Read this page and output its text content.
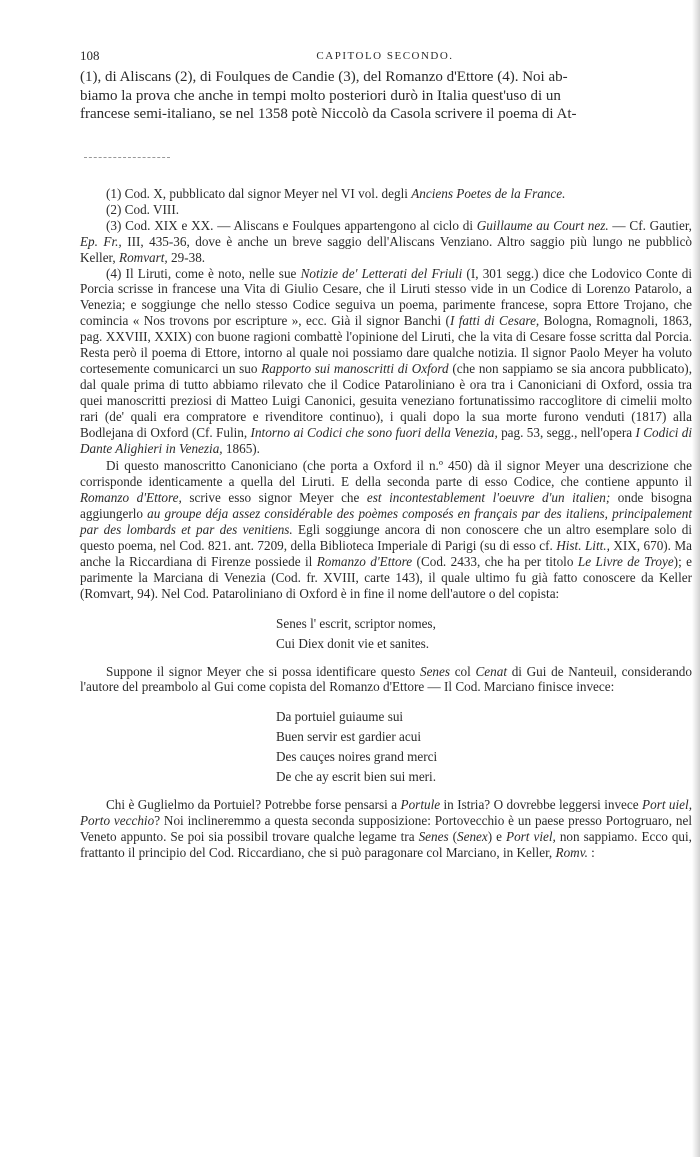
108	CAPITOLO SECONDO.

(1), di Aliscans (2), di Foulques de Candie (3), del Romanzo d'Ettore (4). Noi ab-

biamo la prova che anche in tempi molto posteriori durò in Italia quest'uso di un

francese semi-italiano, se nel 1358 potè Niccolò da Casola scrivere il poema di At-

(1) Cod. X, pubblicato dal signor Meyer nel VI vol. degli Anciens Poetes de la France.

(2) Cod. VIII.

(3) Cod. XIX e XX. — Aliscans e Foulques appartengono al ciclo di Guillaume au Court nez. — Cf. Gautier, Ep. Fr., III, 435-36, dove è anche un breve saggio dell'Aliscans Venziano. Altro saggio più lungo ne pubblicò Keller, Romvart, 29-38.

(4) Il Liruti, come è noto, nelle sue Notizie de' Letterati del Friuli (I, 301 segg.) dice che Lodovico Conte di Porcia scrisse in francese una Vita di Giulio Cesare, che il Liruti stesso vide in un Codice di Lorenzo Patarolo, a Venezia; e soggiunge che nello stesso Codice seguiva un poema, parimente francese, sopra Ettore Trojano, che comincia « Nos trovons por escripture », ecc. Già il signor Banchi (I fatti di Cesare, Bologna, Romagnoli, 1863, pag. XXVIII, XXIX) con buone ragioni combattè l'opinione del Liruti, che la vita di Cesare fosse scritta dal Porcia. Resta però il poema di Ettore, intorno al quale noi possiamo dare qualche notizia. Il signor Paolo Meyer ha voluto cortesemente comunicarci un suo Rapporto sui manoscritti di Oxford (che non sappiamo se sia ancora pubblicato), dal quale prima di tutto abbiamo rilevato che il Codice Pataroliniano è ora tra i Canoniciani di Oxford, ossia tra quei manoscritti preziosi di Matteo Luigi Canonici, gesuita veneziano fortunatissimo raccoglitore di cimelii molto rari (de' quali era compratore e rivenditore continuo), i quali dopo la sua morte furono venduti (1817) alla Bodlejana di Oxford (Cf. Fulin, Intorno ai Codici che sono fuori della Venezia, pag. 53, segg., nell'opera I Codici di Dante Alighieri in Venezia, 1865).

Di questo manoscritto Canoniciano (che porta a Oxford il n.º 450) dà il signor Meyer una descrizione che corrisponde identicamente a quella del Liruti. E della seconda parte di esso Codice, che contiene appunto il Romanzo d'Ettore, scrive esso signor Meyer che est incontestablement l'oeuvre d'un italien; onde bisogna aggiungerlo au groupe déja assez considérable des poèmes composés en français par des italiens, principalement par des lombards et par des venitiens. Egli soggiunge ancora di non conoscere che un altro esemplare solo di questo poema, nel Cod. 821. ant. 7209, della Biblioteca Imperiale di Parigi (su di esso cf. Hist. Litt., XIX, 670). Ma anche la Riccardiana di Firenze possiede il Romanzo d'Ettore (Cod. 2433, che ha per titolo Le Livre de Troye); e parimente la Marciana di Venezia (Cod. fr. XVIII, carte 143), il quale ultimo fu già fatto conoscere da Keller (Romvart, 94). Nel Cod. Pataroliniano di Oxford è in fine il nome dell'autore o del copista:

Senes l' escrit, scriptor nomes,
Cui Diex donit vie et sanites.

Suppone il signor Meyer che si possa identificare questo Senes col Cenat di Gui de Nanteuil, considerando l'autore del preambolo al Gui come copista del Romanzo d'Ettore — Il Cod. Marciano finisce invece:

Da portuiel guiaume sui
Buen servir est gardier acui
Des cauçes noires grand merci
De che ay escrit bien sui meri.

Chi è Guglielmo da Portuiel? Potrebbe forse pensarsi a Portule in Istria? O dovrebbe leggersi invece Port uiel, Porto vecchio? Noi inclineremmo a questa seconda supposizione: Portovecchio è un paese presso Portogruaro, nel Veneto appunto. Se poi sia possibil trovare qualche legame tra Senes (Senex) e Port viel, non sappiamo. Ecco qui, frattanto il principio del Cod. Riccardiano, che si può paragonare col Marciano, in Keller, Romv. :
